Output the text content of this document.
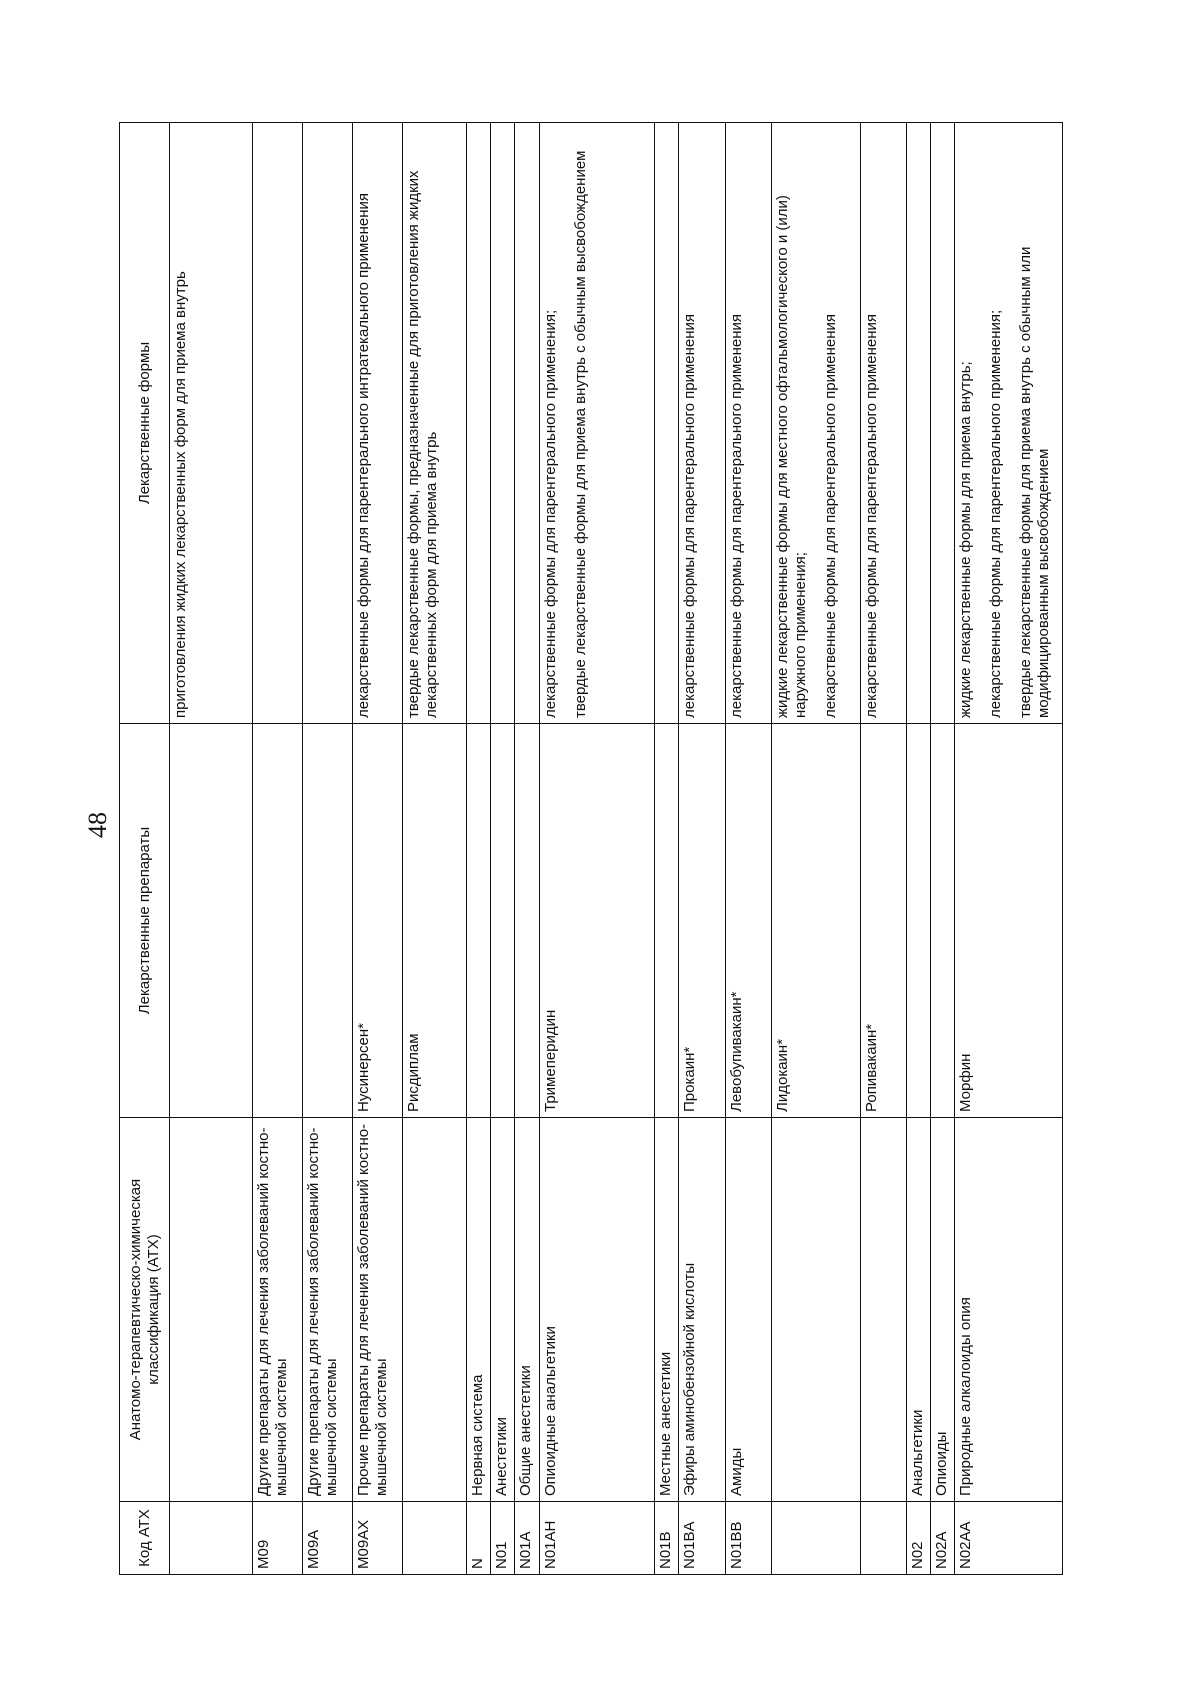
48
Код АТХ	Анатомо-терапевтическо-химическая классификация (АТХ)	Лекарственные препараты	Лекарственные формы

			приготовления жидких лекарственных форм для приема внутрь

M09	Другие препараты для лечения заболеваний костно-мышечной системы		

M09A	Другие препараты для лечения заболеваний костно-мышечной системы		

M09AX	Прочие препараты для лечения заболеваний костно-мышечной системы	Нусинерсен*	лекарственные формы для парентерального интратекального применения

		Рисдиплам	твердые лекарственные формы, предназначенные для приготовления жидких лекарственных форм для приема внутрь

N	Нервная система		

N01	Анестетики		

N01A	Общие анестетики		

N01AH	Опиоидные анальгетики	Тримеперидин	лекарственные формы для парентерального применения; твердые лекарственные формы для приема внутрь с обычным высвобождением

N01B	Местные анестетики		

N01BA	Эфиры аминобензойной кислоты	Прокаин*	лекарственные формы для парентерального применения

N01BB	Амиды	Левобупивакаин*	лекарственные формы для парентерального применения

		Лидокаин*	жидкие лекарственные формы для местного офтальмологического и (или) наружного применения; лекарственные формы для парентерального применения

		Ропивакаин*	лекарственные формы для парентерального применения

N02	Анальгетики		

N02A	Опиоиды		

N02AA	Природные алкалоиды опия	Морфин	жидкие лекарственные формы для приема внутрь; лекарственные формы для парентерального применения; твердые лекарственные формы для приема внутрь с обычным или модифицированным высвобождением
